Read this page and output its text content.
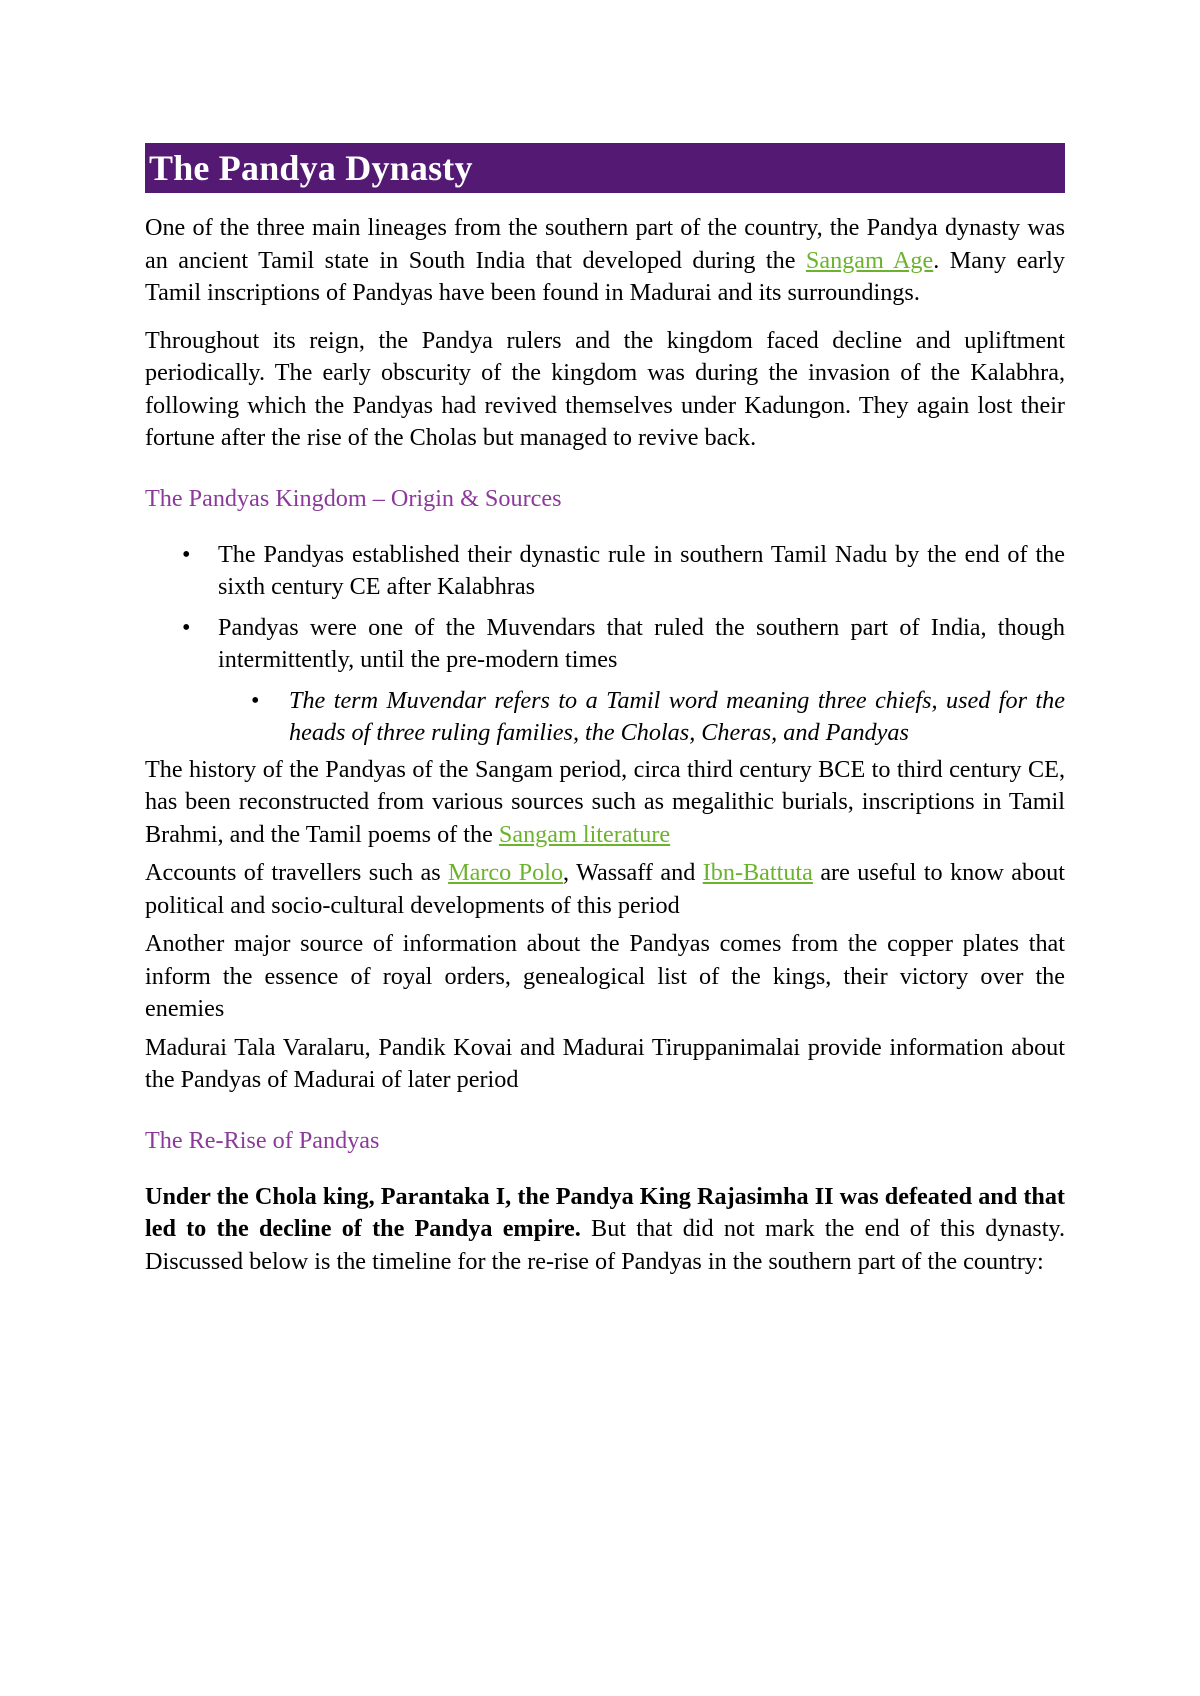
The Pandya Dynasty

One of the three main lineages from the southern part of the country, the Pandya dynasty was an ancient Tamil state in South India that developed during the Sangam Age. Many early Tamil inscriptions of Pandyas have been found in Madurai and its surroundings.

Throughout its reign, the Pandya rulers and the kingdom faced decline and upliftment periodically. The early obscurity of the kingdom was during the invasion of the Kalabhra, following which the Pandyas had revived themselves under Kadungon. They again lost their fortune after the rise of the Cholas but managed to revive back.

The Pandyas Kingdom – Origin & Sources
• The Pandyas established their dynastic rule in southern Tamil Nadu by the end of the sixth century CE after Kalabhras
• Pandyas were one of the Muvendars that ruled the southern part of India, though intermittently, until the pre-modern times
• The term Muvendar refers to a Tamil word meaning three chiefs, used for the heads of three ruling families, the Cholas, Cheras, and Pandyas

The history of the Pandyas of the Sangam period, circa third century BCE to third century CE, has been reconstructed from various sources such as megalithic burials, inscriptions in Tamil Brahmi, and the Tamil poems of the Sangam literature

Accounts of travellers such as Marco Polo, Wassaff and Ibn-Battuta are useful to know about political and socio-cultural developments of this period

Another major source of information about the Pandyas comes from the copper plates that inform the essence of royal orders, genealogical list of the kings, their victory over the enemies

Madurai Tala Varalaru, Pandik Kovai and Madurai Tiruppanimalai provide information about the Pandyas of Madurai of later period

The Re-Rise of Pandyas

Under the Chola king, Parantaka I, the Pandya King Rajasimha II was defeated and that led to the decline of the Pandya empire. But that did not mark the end of this dynasty. Discussed below is the timeline for the re-rise of Pandyas in the southern part of the country:
